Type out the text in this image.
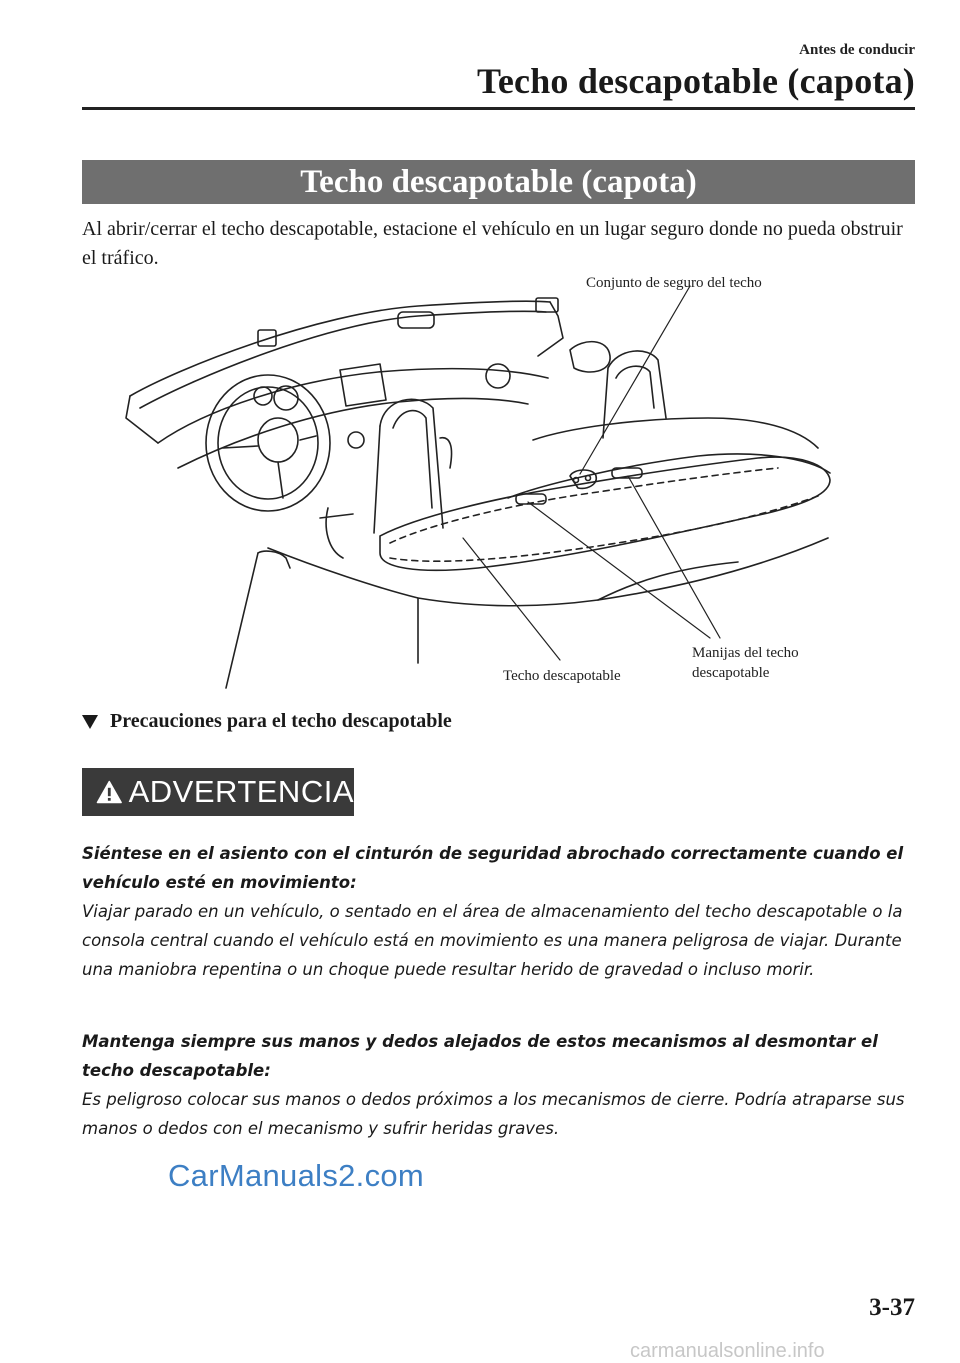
Antes de conducir
Techo descapotable (capota)
Techo descapotable (capota)

Al abrir/cerrar el techo descapotable, estacione el vehículo en un lugar seguro donde no pueda obstruir el tráfico.

Conjunto de seguro del techo
Manijas del techo
descapotable
Techo descapotable
Precauciones para el techo descapotable
ADVERTENCIA

Siéntese en el asiento con el cinturón de seguridad abrochado correctamente cuando el vehículo esté en movimiento:

Viajar parado en un vehículo, o sentado en el área de almacenamiento del techo descapotable o la consola central cuando el vehículo está en movimiento es una manera peligrosa de viajar. Durante una maniobra repentina o un choque puede resultar herido de gravedad o incluso morir.

Mantenga siempre sus manos y dedos alejados de estos mecanismos al desmontar el techo descapotable:

Es peligroso colocar sus manos o dedos próximos a los mecanismos de cierre. Podría atraparse sus manos o dedos con el mecanismo y sufrir heridas graves.

CarManuals2.com
3-37
carmanualsonline.info
